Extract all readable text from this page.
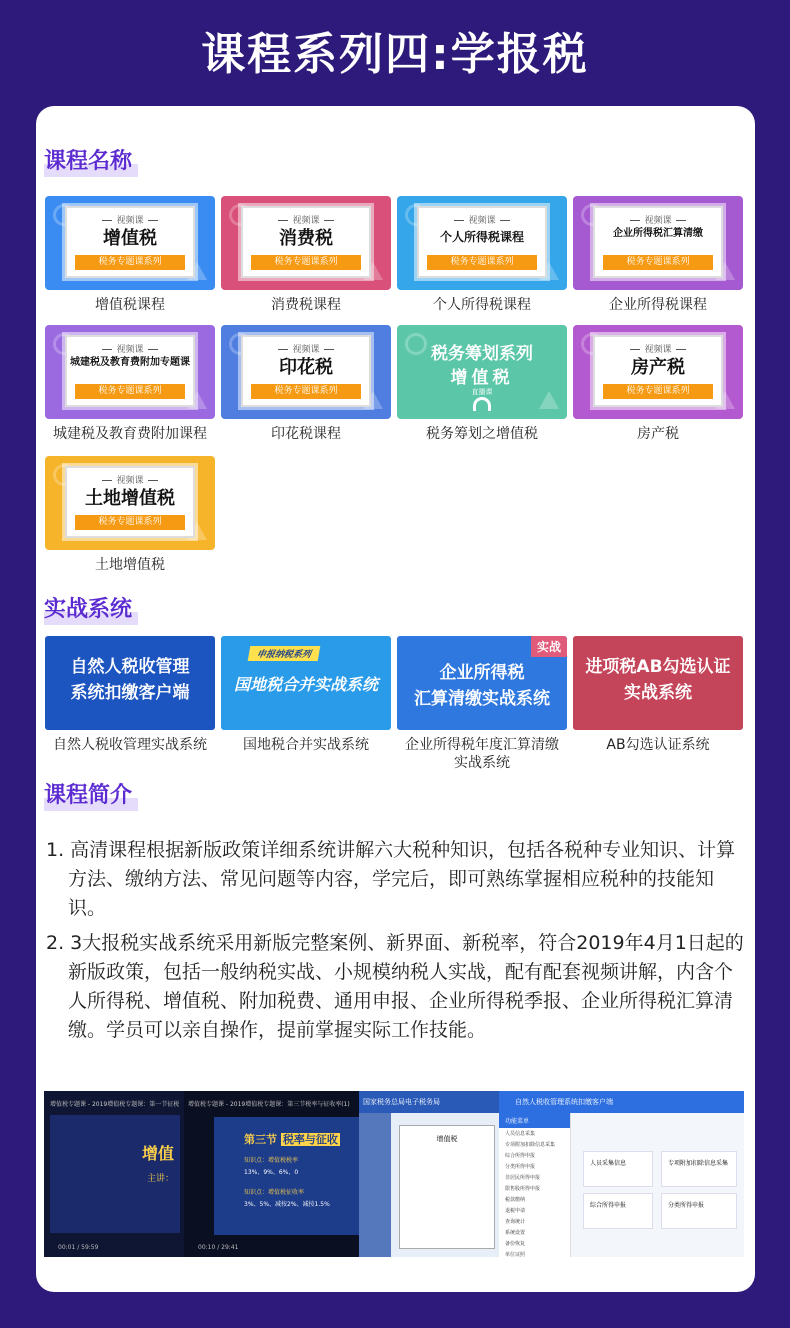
课程系列四:学报税
课程名称
视频课
增值税
税务专题课系列
增值税课程
视频课
消费税
税务专题课系列
消费税课程
视频课
个人所得税课程
税务专题课系列
个人所得税课程
视频课
企业所得税汇算清缴
税务专题课系列
企业所得税课程
视频课
城建税及教育费附加专题课
税务专题课系列
城建税及教育费附加课程
视频课
印花税
税务专题课系列
印花税课程
税务筹划系列
增值税
直播课
税务筹划之增值税
视频课
房产税
税务专题课系列
房产税
视频课
土地增值税
税务专题课系列
土地增值税
实战系统
自然人税收管理
系统扣缴客户端
自然人税收管理实战系统
申报纳税系列
国地税合并实战系统
国地税合并实战系统
实战
企业所得税
汇算清缴实战系统
企业所得税年度汇算清缴实战系统
进项税AB勾选认证
实战系统
AB勾选认证系统
课程简介
1. 高清课程根据新版政策详细系统讲解六大税种知识，包括各税种专业知识、计算方法、缴纳方法、常见问题等内容，学完后，即可熟练掌握相应税种的技能知识。
2. 3大报税实战系统采用新版完整案例、新界面、新税率，符合2019年4月1日起的新版政策，包括一般纳税实战、小规模纳税人实战，配有配套视频讲解，内含个人所得税、增值税、附加税费、通用申报、企业所得税季报、企业所得税汇算清缴。学员可以亲自操作，提前掌握实际工作技能。
增值税专题课 - 2019增值税专题课：第一节征税
增值
主讲：
00:01 / 59:59
增值税专题课 - 2019增值税专题课：第三节税率与征收率(1)
第三节 税率与征收
知识点：增值税税率
13%、9%、6%、0
知识点：增值税征收率
3%、5%、减按2%、减按1.5%
00:10 / 29:41
国家税务总局电子税务局
增值税
自然人税收管理系统扣缴客户端
功能菜单
人员信息采集
专项附加扣除信息采集
综合所得申报
分类所得申报
非居民所得申报
限售股所得申报
税款缴纳
退税申请
查询统计
系统设置
备份恢复
单位证照
人员采集信息	专项附加扣除信息采集
综合所得申报	分类所得申报
